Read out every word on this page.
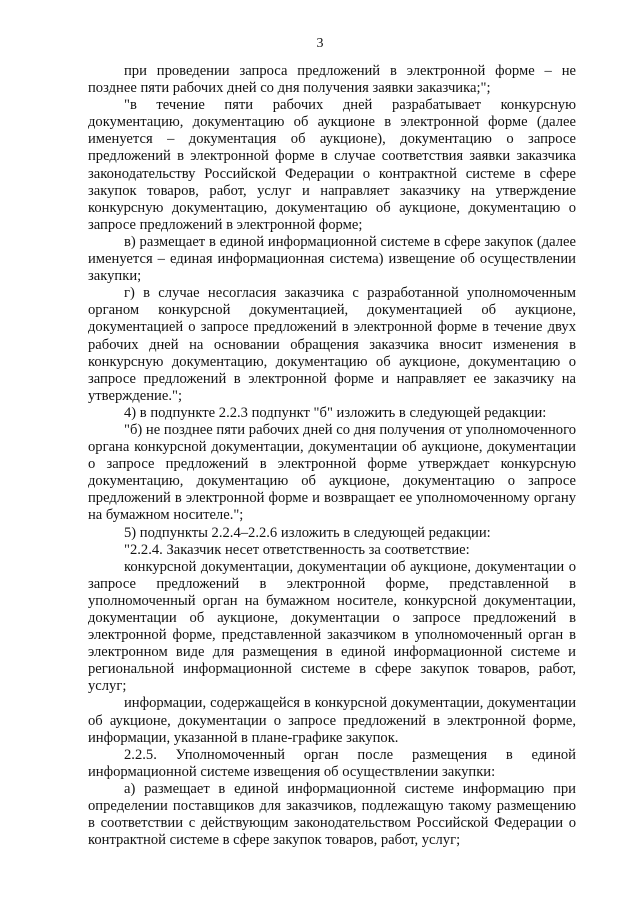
3

при проведении запроса предложений в электронной форме – не позднее пяти рабочих дней со дня получения заявки заказчика;";

"в течение пяти рабочих дней разрабатывает конкурсную документацию, документацию об аукционе в электронной форме (далее именуется – документация об аукционе), документацию о запросе предложений в электронной форме в случае соответствия заявки заказчика законодательству Российской Федерации о контрактной системе в сфере закупок товаров, работ, услуг и направляет заказчику на утверждение конкурсную документацию, документацию об аукционе, документацию о запросе предложений в электронной форме;

в) размещает в единой информационной системе в сфере закупок (далее именуется – единая информационная система) извещение об осуществлении закупки;

г) в случае несогласия заказчика с разработанной уполномоченным органом конкурсной документацией, документацией об аукционе, документацией о запросе предложений в электронной форме в течение двух рабочих дней на основании обращения заказчика вносит изменения в конкурсную документацию, документацию об аукционе, документацию о запросе предложений в электронной форме и направляет ее заказчику на утверждение.";

4) в подпункте 2.2.3 подпункт "б" изложить в следующей редакции:

"б) не позднее пяти рабочих дней со дня получения от уполномоченного органа конкурсной документации, документации об аукционе, документации о запросе предложений в электронной форме утверждает конкурсную документацию, документацию об аукционе, документацию о запросе предложений в электронной форме и возвращает ее уполномоченному органу на бумажном носителе.";

5) подпункты 2.2.4–2.2.6 изложить в следующей редакции:

"2.2.4. Заказчик несет ответственность за соответствие:

конкурсной документации, документации об аукционе, документации о запросе предложений в электронной форме, представленной в уполномоченный орган на бумажном носителе, конкурсной документации, документации об аукционе, документации о запросе предложений в электронной форме, представленной заказчиком в уполномоченный орган в электронном виде для размещения в единой информационной системе и региональной информационной системе в сфере закупок товаров, работ, услуг;

информации, содержащейся в конкурсной документации, документации об аукционе, документации о запросе предложений в электронной форме, информации, указанной в плане-графике закупок.

2.2.5. Уполномоченный орган после размещения в единой информационной системе извещения об осуществлении закупки:

а) размещает в единой информационной системе информацию при определении поставщиков для заказчиков, подлежащую такому размещению в соответствии с действующим законодательством Российской Федерации о контрактной системе в сфере закупок товаров, работ, услуг;
